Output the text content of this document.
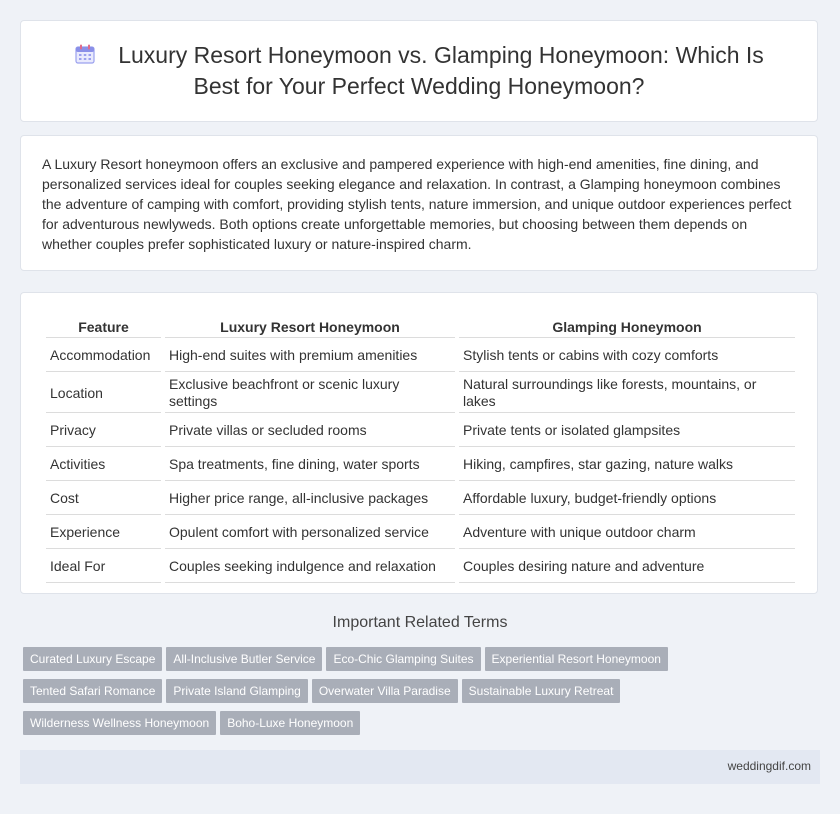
Luxury Resort Honeymoon vs. Glamping Honeymoon: Which Is Best for Your Perfect Wedding Honeymoon?

A Luxury Resort honeymoon offers an exclusive and pampered experience with high-end amenities, fine dining, and personalized services ideal for couples seeking elegance and relaxation. In contrast, a Glamping honeymoon combines the adventure of camping with comfort, providing stylish tents, nature immersion, and unique outdoor experiences perfect for adventurous newlyweds. Both options create unforgettable memories, but choosing between them depends on whether couples prefer sophisticated luxury or nature-inspired charm.

Feature	Luxury Resort Honeymoon	Glamping Honeymoon
Accommodation	High-end suites with premium amenities	Stylish tents or cabins with cozy comforts
Location	Exclusive beachfront or scenic luxury settings	Natural surroundings like forests, mountains, or lakes
Privacy	Private villas or secluded rooms	Private tents or isolated glampsites
Activities	Spa treatments, fine dining, water sports	Hiking, campfires, star gazing, nature walks
Cost	Higher price range, all-inclusive packages	Affordable luxury, budget-friendly options
Experience	Opulent comfort with personalized service	Adventure with unique outdoor charm
Ideal For	Couples seeking indulgence and relaxation	Couples desiring nature and adventure
Important Related Terms
Curated Luxury Escape All-Inclusive Butler Service Eco-Chic Glamping Suites Experiential Resort Honeymoon
Tented Safari Romance Private Island Glamping Overwater Villa Paradise Sustainable Luxury Retreat
Wilderness Wellness Honeymoon Boho-Luxe Honeymoon
weddingdif.com
